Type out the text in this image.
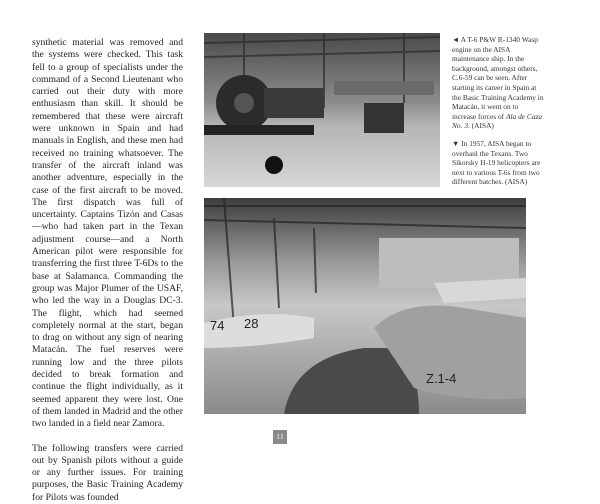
synthetic material was removed and the systems were checked. This task fell to a group of specialists under the command of a Second Lieutenant who carried out their duty with more enthusiasm than skill. It should be remembered that these were aircraft were unknown in Spain and had manuals in English, and these men had received no training whatsoever. The transfer of the aircraft inland was another adventure, especially in the case of the first aircraft to be moved. The first dispatch was full of uncertainty. Captains Tizón and Casas—who had taken part in the Texan adjustment course—and a North American pilot were responsible for transferring the first three T-6Ds to the base at Salamanca. Commanding the group was Major Plumer of the USAF, who led the way in a Douglas DC-3. The flight, which had seemed completely normal at the start, began to drag on without any sign of nearing Matacán. The fuel reserves were running low and the three pilots decided to break formation and continue the flight individually, as it seemed apparent they were lost. One of them landed in Madrid and the other two landed in a field near Zamora.

The following transfers were carried out by Spanish pilots without a guide or any further issues. For training purposes, the Basic Training Academy for Pilots was founded

◄ A T-6 P&W R-1340 Wasp engine on the AISA maintenance ship. In the background, amongst others, C.6-59 can be seen. After starting its career in Spain at the Basic Training Academy in Matacán, it went on to increase forces of Ala de Caza No. 3. (AISA)
▼ In 1957, AISA began to overhaul the Texans. Two Sikorsky H-19 helicopters are next to various T-6s from two different batches. (AISA)
74 28
Z.1-4
11
